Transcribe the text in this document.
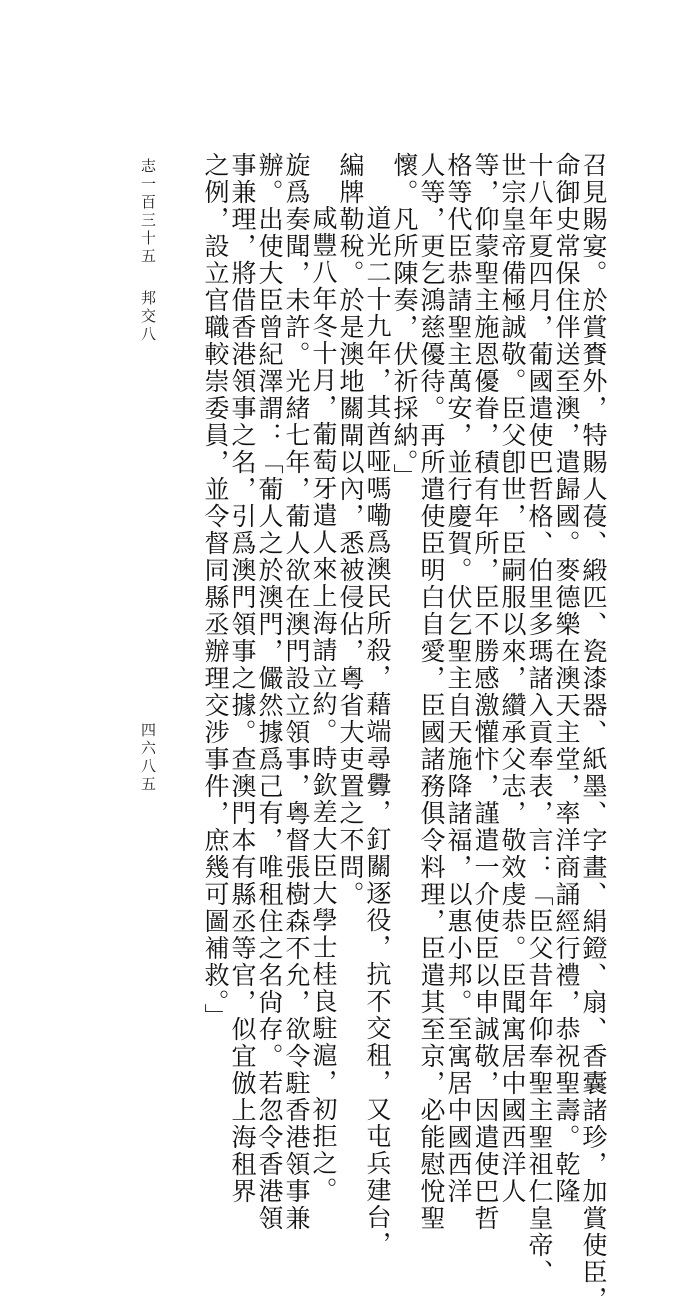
召見賜宴。於賞賚外，特賜人葠、緞匹、瓷漆器、紙墨、字畫、絹鐙、扇、香囊諸珍，加賞使臣，
命御史常保住伴送至澳，遣歸國。麥德樂在澳天主堂，率洋商誦經行禮，恭祝聖壽。乾隆
十八年夏四月，葡國遣使巴哲格、伯里多瑪諸入貢奉表，言：「臣父昔年仰奉聖主聖祖仁皇帝、
世宗皇帝備極誠敬。臣父卽世，臣嗣服以來，纘承父志，敬效虔恭。臣聞寓居中國西洋人
等，仰蒙聖主施恩優眷，積有年所，臣不勝感激懽忭，謹遣一介使臣以申誠敬，因遣使巴哲
格等代臣恭請聖主萬安，並行慶賀。伏乞聖主自天施降諸福，以惠小邦。至寓居中國西洋
人等，更乞鴻慈優待。再所遣使臣明白自愛，臣國諸務俱令料理，臣遣其至京，必能慰悅聖
懷。凡所陳奏，伏祈採納。」
道光二十九年，其酋哑嗎嘞爲澳民所殺，藉端尋釁，釘關逐役，抗不交租，又屯兵建台，
編牌勒稅。於是澳地關閘以內，悉被侵佔，粵省大吏置之不問。
咸豐八年冬十月，葡萄牙遣人來上海請立約。時欽差大臣大學士桂良駐滬，初拒之。
旋爲奏聞，未許。光緒七年，葡人欲在澳門設立領事，粵督張樹森不允，欲令駐香港領事兼
辦。出使大臣曾紀澤謂：「葡人之於澳門，儼然據爲己有，唯租住之名尙存。若忽令香港領
事兼理，將借香港領事之名，引爲澳門領事之據。查澳門本有縣丞等官，似宜倣上海租界
之例，設立官職較崇委員，並令督同縣丞辦理交涉事件，庶幾可圖補救。」
志一百三十五
邦交八
四六八五
